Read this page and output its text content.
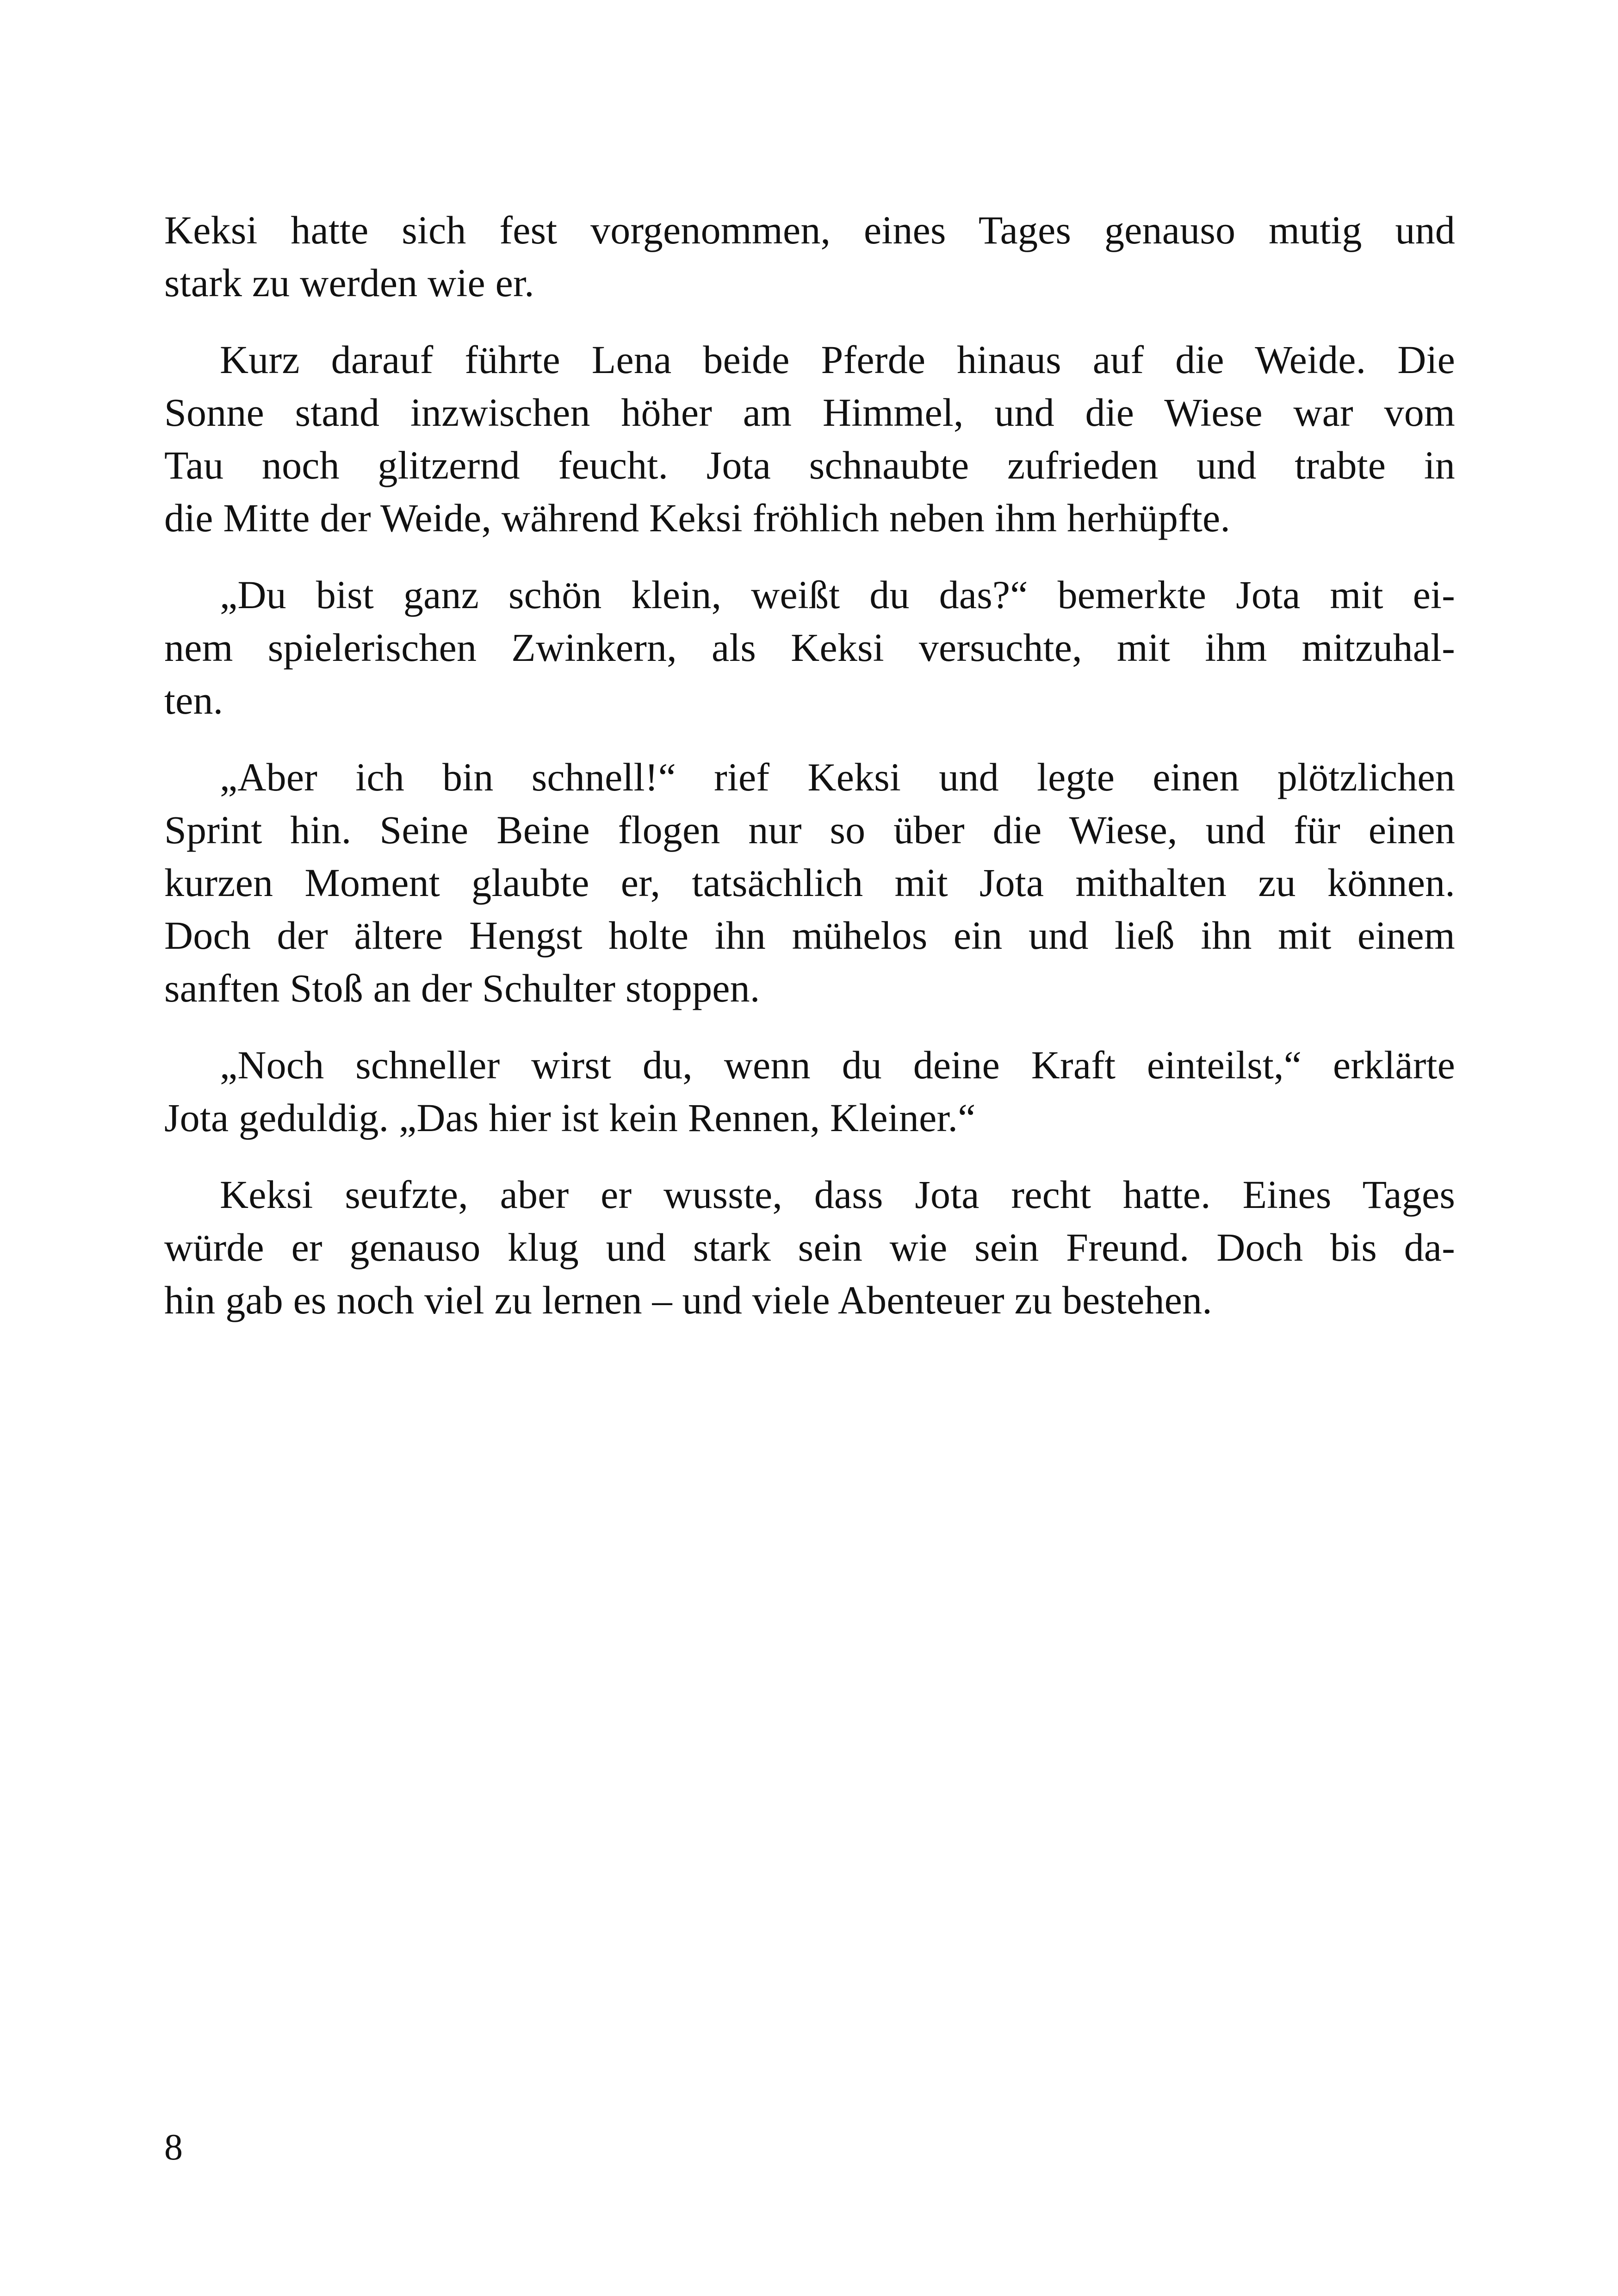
Keksi hatte sich fest vorgenommen, eines Tages genauso mutig und
stark zu werden wie er.
Kurz darauf führte Lena beide Pferde hinaus auf die Weide. Die
Sonne stand inzwischen höher am Himmel, und die Wiese war vom
Tau noch glitzernd feucht. Jota schnaubte zufrieden und trabte in
die Mitte der Weide, während Keksi fröhlich neben ihm herhüpfte.
„Du bist ganz schön klein, weißt du das?“ bemerkte Jota mit ei-
nem spielerischen Zwinkern, als Keksi versuchte, mit ihm mitzuhal-
ten.
„Aber ich bin schnell!“ rief Keksi und legte einen plötzlichen
Sprint hin. Seine Beine flogen nur so über die Wiese, und für einen
kurzen Moment glaubte er, tatsächlich mit Jota mithalten zu können.
Doch der ältere Hengst holte ihn mühelos ein und ließ ihn mit einem
sanften Stoß an der Schulter stoppen.
„Noch schneller wirst du, wenn du deine Kraft einteilst,“ erklärte
Jota geduldig. „Das hier ist kein Rennen, Kleiner.“
Keksi seufzte, aber er wusste, dass Jota recht hatte. Eines Tages
würde er genauso klug und stark sein wie sein Freund. Doch bis da-
hin gab es noch viel zu lernen – und viele Abenteuer zu bestehen.
8
